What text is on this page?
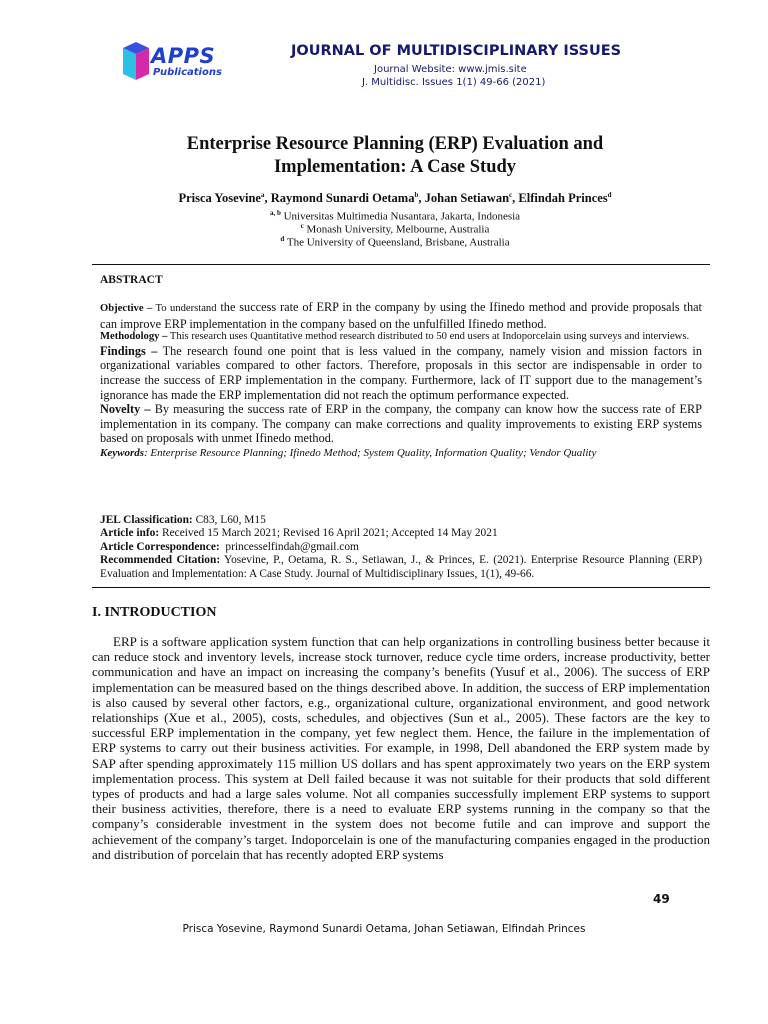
APPS
Publications
JOURNAL OF MULTIDISCIPLINARY ISSUES
Journal Website: www.jmis.site
J. Multidisc. Issues 1(1) 49-66 (2021)
Enterprise Resource Planning (ERP) Evaluation and
Implementation: A Case Study
Prisca Yosevine$^a$, Raymond Sunardi Oetama$^b$, Johan Setiawan$^c$, Elfindah Princes$^d$
$^{a, b}$ Universitas Multimedia Nusantara, Jakarta, Indonesia
$^c$ Monash University, Melbourne, Australia
$^d$ The University of Queensland, Brisbane, Australia
ABSTRACT

Objective – To understand the success rate of ERP in the company by using the Ifinedo method and provide proposals that can improve ERP implementation in the company based on the unfulfilled Ifinedo method.

Methodology – This research uses Quantitative method research distributed to 50 end users at Indoporcelain using surveys and interviews.

Findings – The research found one point that is less valued in the company, namely vision and mission factors in organizational variables compared to other factors. Therefore, proposals in this sector are indispensable in order to increase the success of ERP implementation in the company. Furthermore, lack of IT support due to the management’s ignorance has made the ERP implementation did not reach the optimum performance expected.

Novelty – By measuring the success rate of ERP in the company, the company can know how the success rate of ERP implementation in its company. The company can make corrections and quality improvements to existing ERP systems based on proposals with unmet Ifinedo method.

Keywords: Enterprise Resource Planning; Ifinedo Method; System Quality, Information Quality; Vendor Quality

JEL Classification: C83, L60, M15

Article info: Received 15 March 2021; Revised 16 April 2021; Accepted 14 May 2021

Article Correspondence:  princesselfindah@gmail.com

Recommended Citation: Yosevine, P., Oetama, R. S., Setiawan, J., & Princes, E. (2021). Enterprise Resource Planning (ERP) Evaluation and Implementation: A Case Study. Journal of Multidisciplinary Issues, 1(1), 49-66.

I. INTRODUCTION

ERP is a software application system function that can help organizations in controlling business better because it can reduce stock and inventory levels, increase stock turnover, reduce cycle time orders, increase productivity, better communication and have an impact on increasing the company’s benefits (Yusuf et al., 2006). The success of ERP implementation can be measured based on the things described above. In addition, the success of ERP implementation is also caused by several other factors, e.g., organizational culture, organizational environment, and good network relationships (Xue et al., 2005), costs, schedules, and objectives (Sun et al., 2005). These factors are the key to successful ERP implementation in the company, yet few neglect them. Hence, the failure in the implementation of ERP systems to carry out their business activities. For example, in 1998, Dell abandoned the ERP system made by SAP after spending approximately 115 million US dollars and has spent approximately two years on the ERP system implementation process. This system at Dell failed because it was not suitable for their products that sold different types of products and had a large sales volume. Not all companies successfully implement ERP systems to support their business activities, therefore, there is a need to evaluate ERP systems running in the company so that the company’s considerable investment in the system does not become futile and can improve and support the achievement of the company’s target. Indoporcelain is one of the manufacturing companies engaged in the production and distribution of porcelain that has recently adopted ERP systems

49
Prisca Yosevine, Raymond Sunardi Oetama, Johan Setiawan, Elfindah Princes
